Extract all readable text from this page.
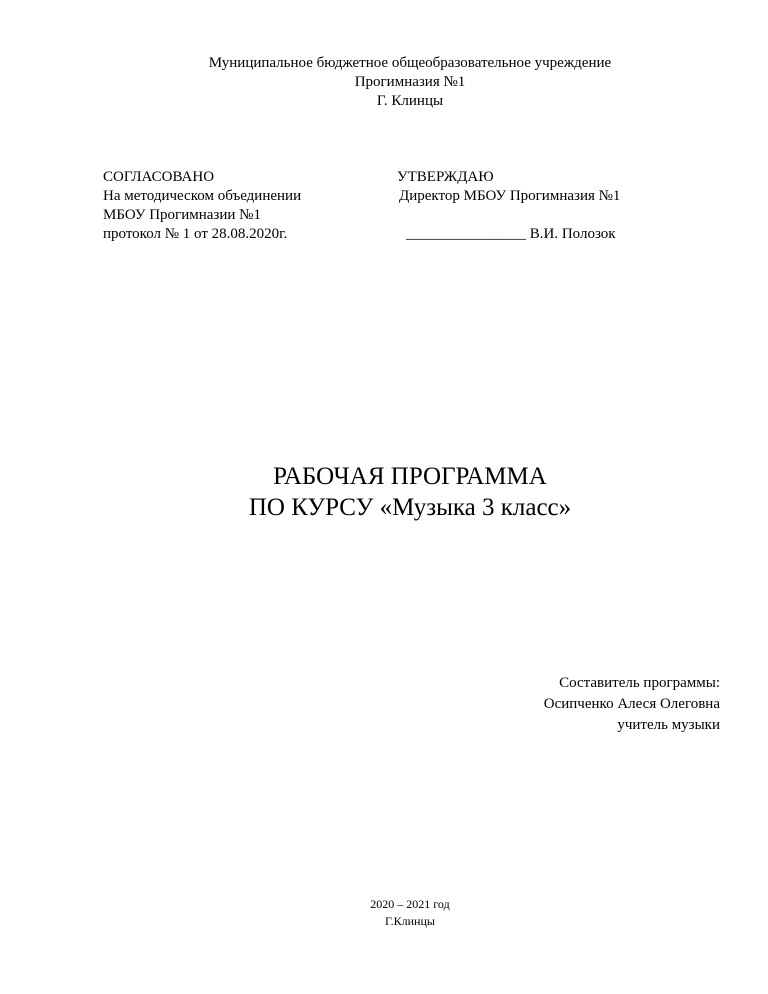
Муниципальное бюджетное общеобразовательное учреждение
Прогимназия №1
Г. Клинцы
СОГЛАСОВАНО
На методическом объединении
МБОУ Прогимназии №1
протокол № 1 от 28.08.2020г.
УТВЕРЖДАЮ
Директор МБОУ Прогимназия №1

________________ В.И. Полозок
РАБОЧАЯ ПРОГРАММА
ПО КУРСУ «Музыка 3 класс»
Составитель программы:
Осипченко Алеся Олеговна
учитель музыки
2020 – 2021 год
Г.Клинцы
